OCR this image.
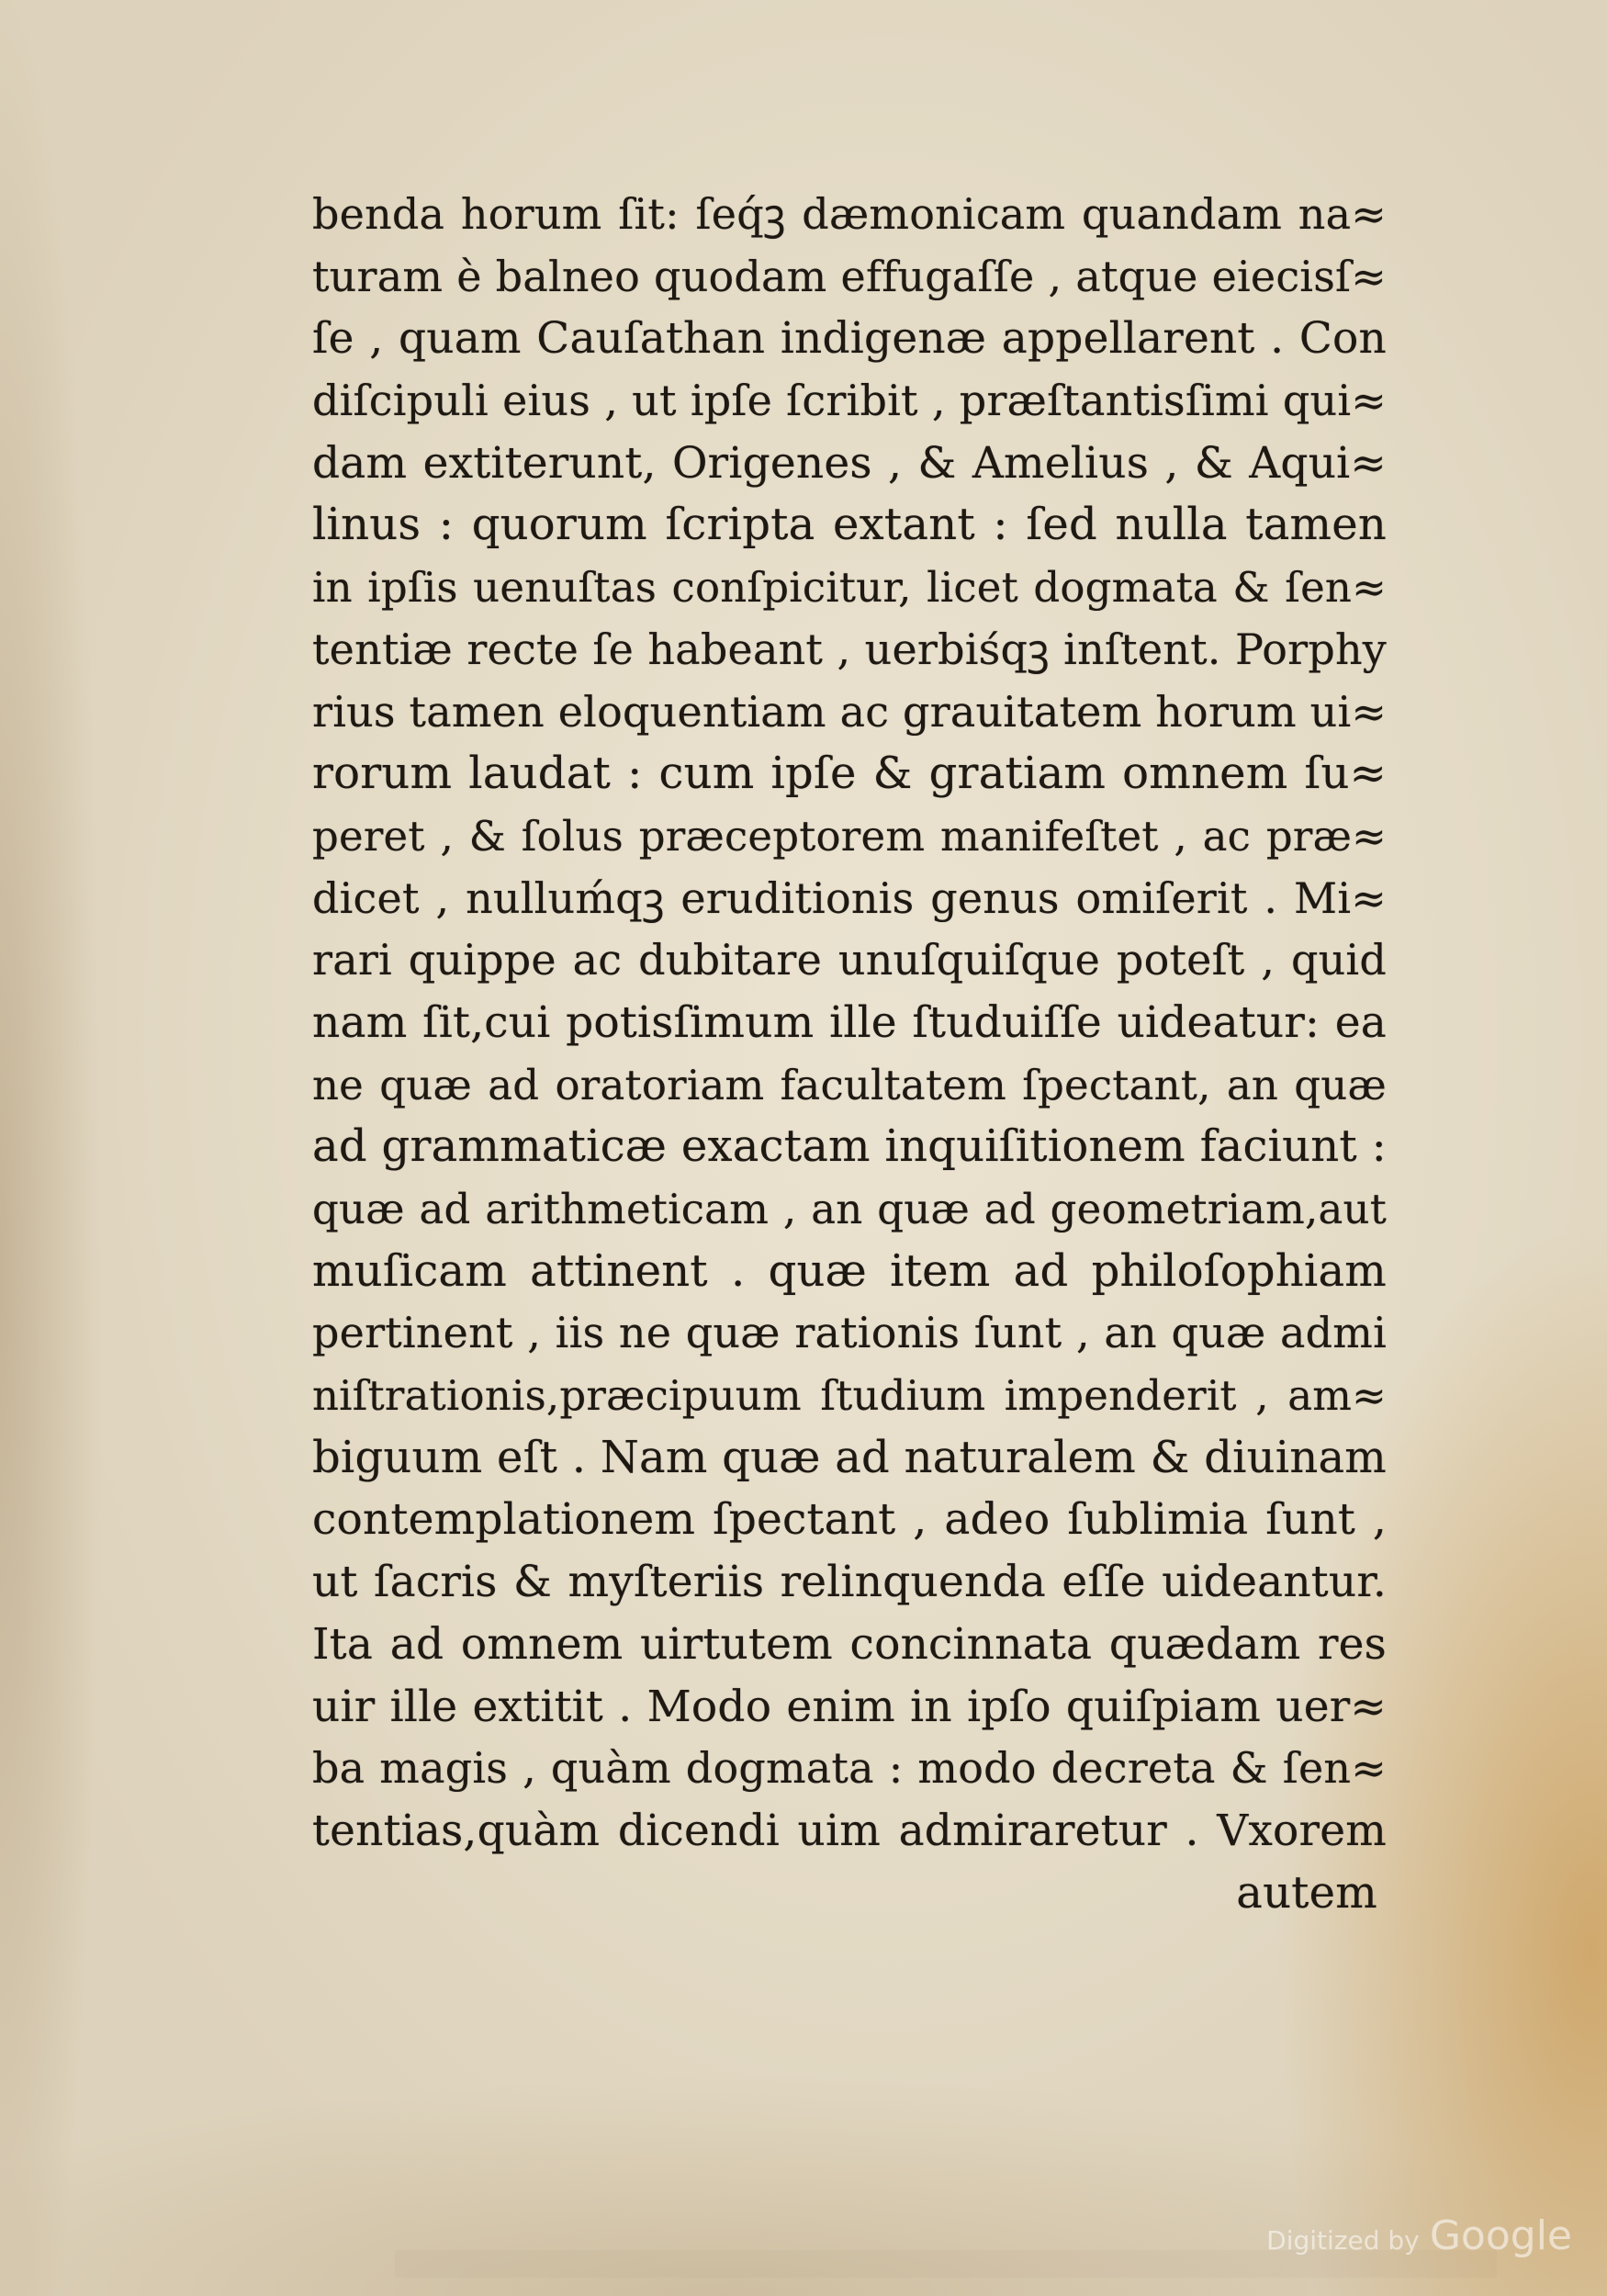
benda horum ſit: ſeq́ꝫ dæmonicam quandam na≈
turam è balneo quodam effugaſſe , atque eiecisſ≈
ſe , quam Cauſathan indigenæ appellarent . Con
diſcipuli eius , ut ipſe ſcribit , præſtantisſimi qui≈
dam extiterunt, Origenes , & Amelius , & Aqui≈
linus : quorum ſcripta extant : ſed nulla tamen
in ipſis uenuſtas conſpicitur, licet dogmata & ſen≈
tentiæ recte ſe habeant , uerbiśqꝫ inſtent. Porphy
rius tamen eloquentiam ac grauitatem horum ui≈
rorum laudat : cum ipſe & gratiam omnem ſu≈
peret , & ſolus præceptorem manifeſtet , ac præ≈
dicet , nulluḿqꝫ eruditionis genus omiſerit . Mi≈
rari quippe ac dubitare unuſquiſque poteſt , quid
nam ſit,cui potisſimum ille ſtuduiſſe uideatur: ea
ne quæ ad oratoriam facultatem ſpectant, an quæ
ad grammaticæ exactam inquiſitionem faciunt :
quæ ad arithmeticam , an quæ ad geometriam,aut
muſicam attinent . quæ item ad philoſophiam
pertinent , iis ne quæ rationis ſunt , an quæ admi
niſtrationis,præcipuum ſtudium impenderit , am≈
biguum eſt . Nam quæ ad naturalem & diuinam
contemplationem ſpectant , adeo ſublimia ſunt ,
ut ſacris & myſteriis relinquenda eſſe uideantur.
Ita ad omnem uirtutem concinnata quædam res
uir ille extitit . Modo enim in ipſo quiſpiam uer≈
ba magis , quàm dogmata : modo decreta & ſen≈
tentias,quàm dicendi uim admiraretur . Vxorem
autem
Digitized by Google
